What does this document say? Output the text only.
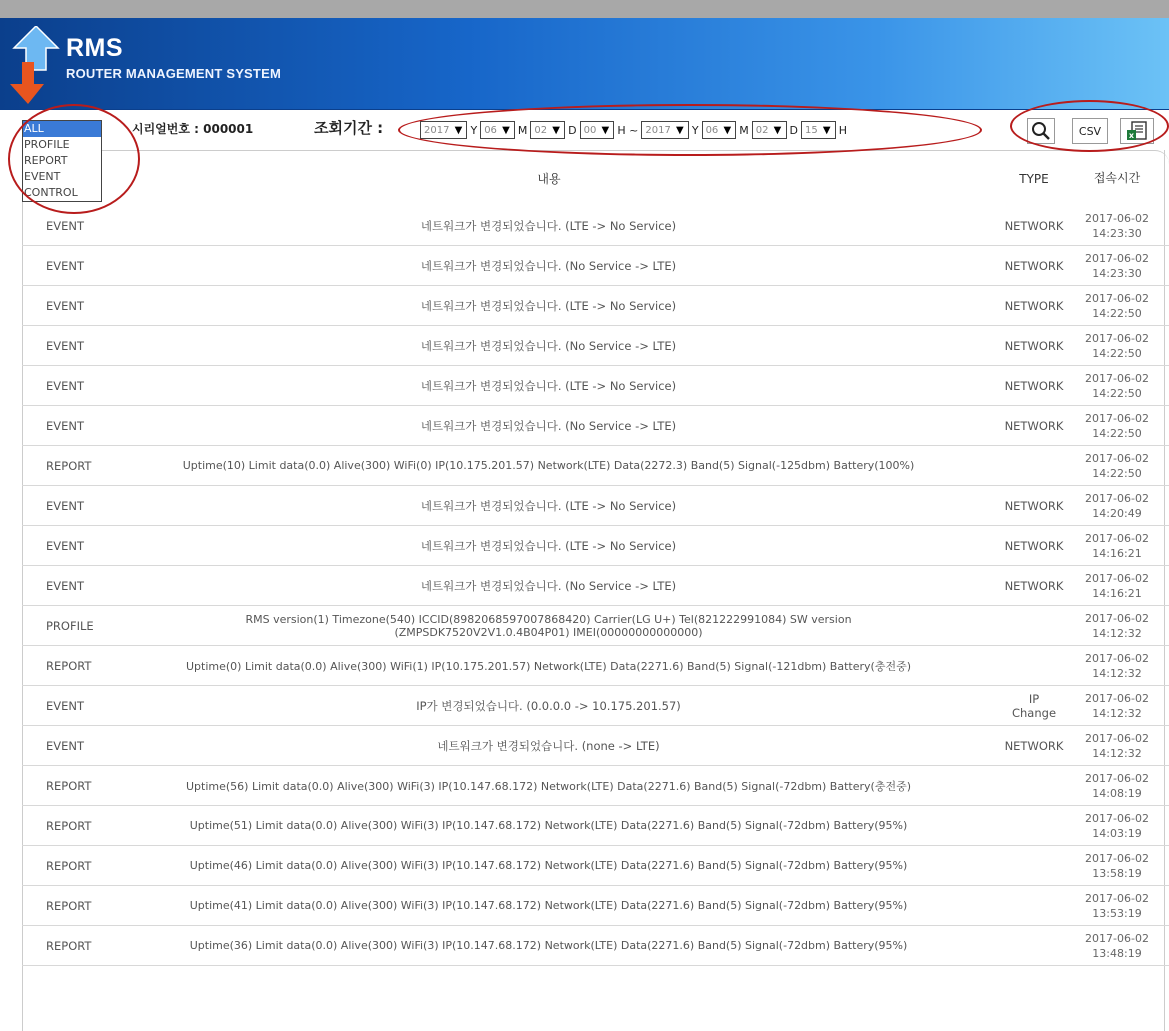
RMS
ROUTER MANAGEMENT SYSTEM
ALL
PROFILE
REPORT
EVENT
CONTROL
시리얼번호 : 000001	조회기간 :	2017 ▼ Y 06 ▼ M 02 ▼ D 00 ▼ H ~ 2017 ▼ Y 06 ▼ M 02 ▼ D 15 ▼ H	CSV	x
내용	TYPE	접속시간
EVENT	네트워크가 변경되었습니다. (LTE -> No Service)	NETWORK
2017-06-02
14:23:30
EVENT	네트워크가 변경되었습니다. (No Service -> LTE)	NETWORK
2017-06-02
14:23:30
EVENT	네트워크가 변경되었습니다. (LTE -> No Service)	NETWORK
2017-06-02
14:22:50
EVENT	네트워크가 변경되었습니다. (No Service -> LTE)	NETWORK
2017-06-02
14:22:50
EVENT	네트워크가 변경되었습니다. (LTE -> No Service)	NETWORK
2017-06-02
14:22:50
EVENT	네트워크가 변경되었습니다. (No Service -> LTE)	NETWORK
2017-06-02
14:22:50
REPORT	Uptime(10) Limit data(0.0) Alive(300) WiFi(0) IP(10.175.201.57) Network(LTE) Data(2272.3) Band(5) Signal(-125dbm) Battery(100%)
2017-06-02
14:22:50
EVENT	네트워크가 변경되었습니다. (LTE -> No Service)	NETWORK
2017-06-02
14:20:49
EVENT	네트워크가 변경되었습니다. (LTE -> No Service)	NETWORK
2017-06-02
14:16:21
EVENT	네트워크가 변경되었습니다. (No Service -> LTE)	NETWORK
2017-06-02
14:16:21
PROFILE	RMS version(1) Timezone(540) ICCID(8982068597007868420) Carrier(LG U+) Tel(821222991084) SW version
(ZMPSDK7520V2V1.0.4B04P01) IMEI(00000000000000)
2017-06-02
14:12:32
REPORT	Uptime(0) Limit data(0.0) Alive(300) WiFi(1) IP(10.175.201.57) Network(LTE) Data(2271.6) Band(5) Signal(-121dbm) Battery(충전중)
2017-06-02
14:12:32
EVENT	IP가 변경되었습니다. (0.0.0.0 -> 10.175.201.57)	IP
Change
2017-06-02
14:12:32
EVENT	네트워크가 변경되었습니다. (none -> LTE)	NETWORK
2017-06-02
14:12:32
REPORT	Uptime(56) Limit data(0.0) Alive(300) WiFi(3) IP(10.147.68.172) Network(LTE) Data(2271.6) Band(5) Signal(-72dbm) Battery(충전중)
2017-06-02
14:08:19
REPORT	Uptime(51) Limit data(0.0) Alive(300) WiFi(3) IP(10.147.68.172) Network(LTE) Data(2271.6) Band(5) Signal(-72dbm) Battery(95%)
2017-06-02
14:03:19
REPORT	Uptime(46) Limit data(0.0) Alive(300) WiFi(3) IP(10.147.68.172) Network(LTE) Data(2271.6) Band(5) Signal(-72dbm) Battery(95%)
2017-06-02
13:58:19
REPORT	Uptime(41) Limit data(0.0) Alive(300) WiFi(3) IP(10.147.68.172) Network(LTE) Data(2271.6) Band(5) Signal(-72dbm) Battery(95%)
2017-06-02
13:53:19
REPORT	Uptime(36) Limit data(0.0) Alive(300) WiFi(3) IP(10.147.68.172) Network(LTE) Data(2271.6) Band(5) Signal(-72dbm) Battery(95%)
2017-06-02
13:48:19
